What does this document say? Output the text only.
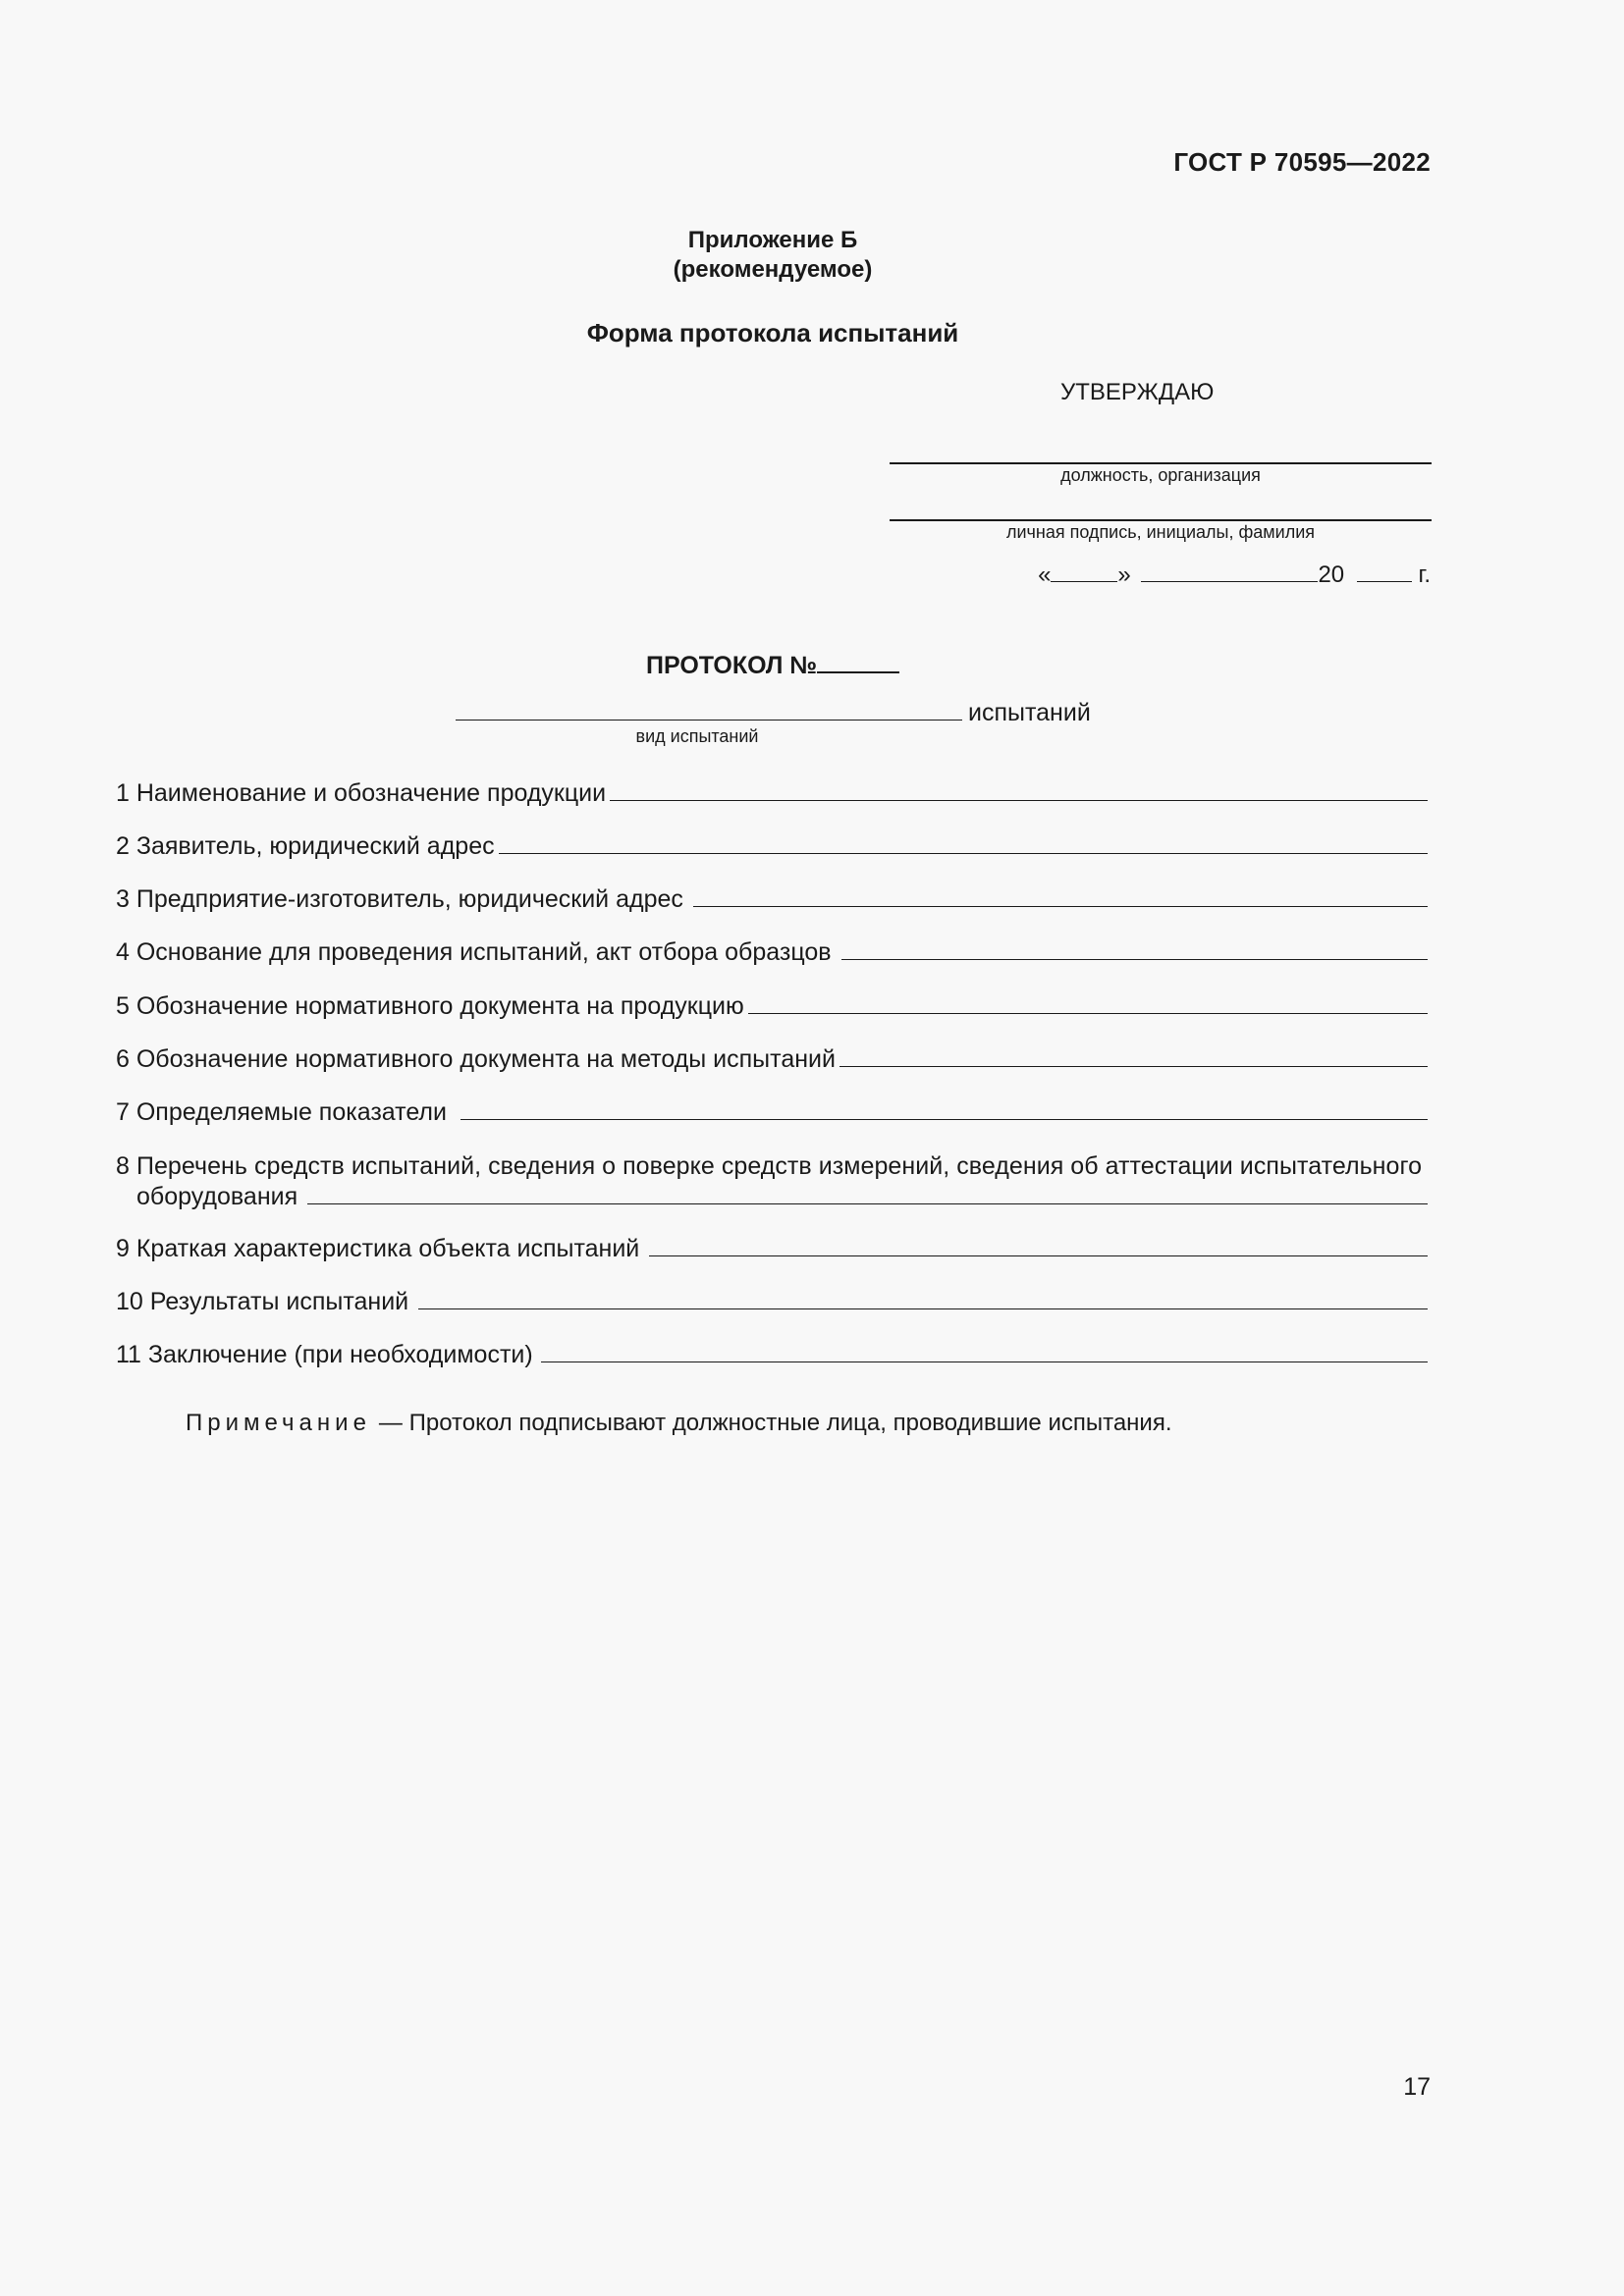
ГОСТ Р 70595—2022
Приложение Б
(рекомендуемое)
Форма протокола испытаний
УТВЕРЖДАЮ
должность, организация
личная подпись, инициалы, фамилия
«	»	20	г.
ПРОТОКОЛ №
испытаний
вид испытаний
1 Наименование и обозначение продукции
2 Заявитель, юридический адрес
3 Предприятие-изготовитель, юридический адрес
4 Основание для проведения испытаний, акт отбора образцов
5 Обозначение нормативного документа на продукцию
6 Обозначение нормативного документа на методы испытаний
7 Определяемые показатели
8 Перечень средств испытаний, сведения о поверке средств измерений, сведения об аттестации испытательного
оборудования
9 Краткая характеристика объекта испытаний
10 Результаты испытаний
11 Заключение (при необходимости)
Примечание — Протокол подписывают должностные лица, проводившие испытания.
17
